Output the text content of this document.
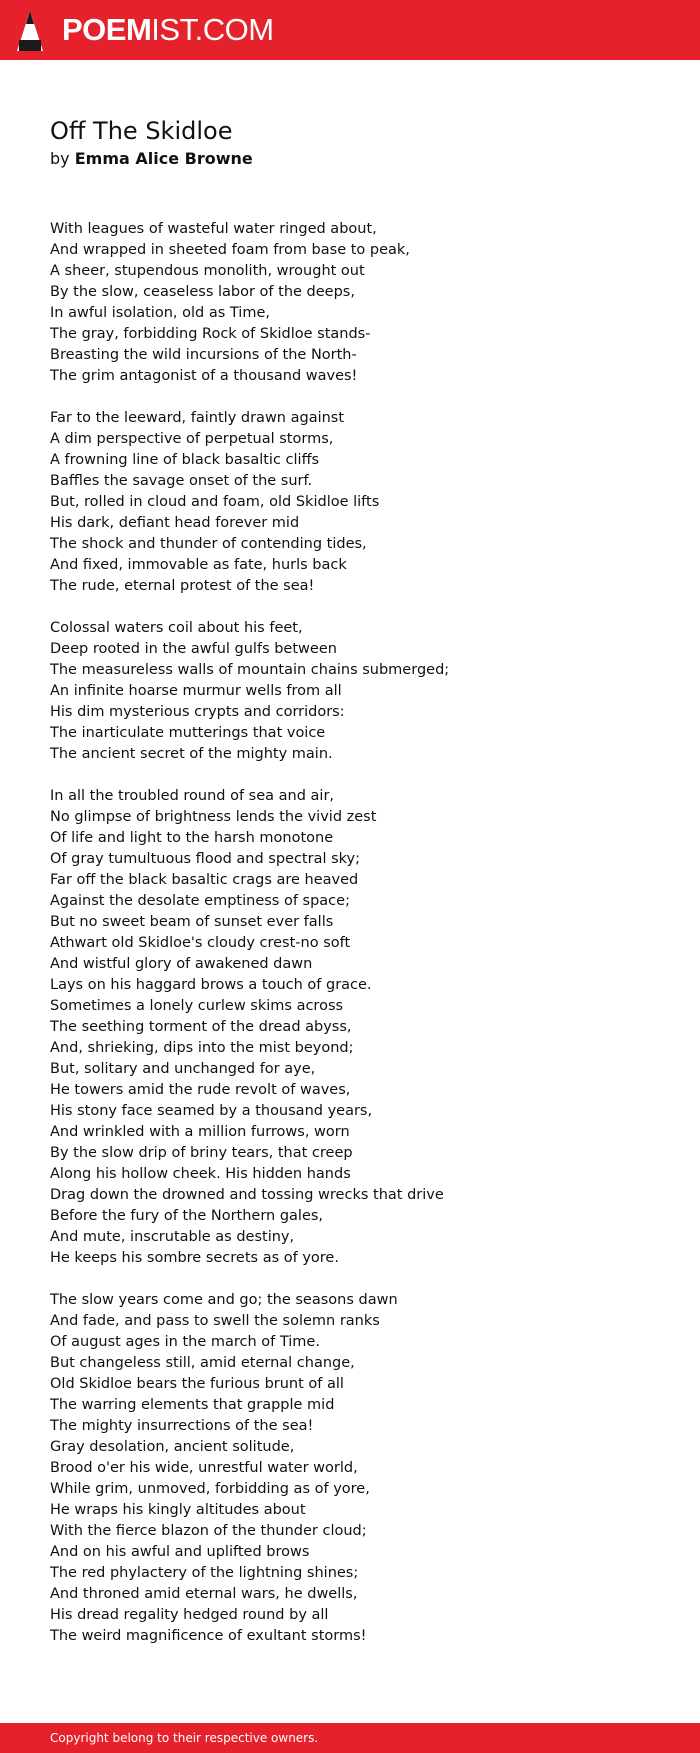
POEMIST.COM
Off The Skidloe
by Emma Alice Browne
With leagues of wasteful water ringed about,
And wrapped in sheeted foam from base to peak,
A sheer, stupendous monolith, wrought out
By the slow, ceaseless labor of the deeps,
In awful isolation, old as Time,
The gray, forbidding Rock of Skidloe stands-
Breasting the wild incursions of the North-
The grim antagonist of a thousand waves!
Far to the leeward, faintly drawn against
A dim perspective of perpetual storms,
A frowning line of black basaltic cliffs
Baffles the savage onset of the surf.
But, rolled in cloud and foam, old Skidloe lifts
His dark, defiant head forever mid
The shock and thunder of contending tides,
And fixed, immovable as fate, hurls back
The rude, eternal protest of the sea!
Colossal waters coil about his feet,
Deep rooted in the awful gulfs between
The measureless walls of mountain chains submerged;
An infinite hoarse murmur wells from all
His dim mysterious crypts and corridors:
The inarticulate mutterings that voice
The ancient secret of the mighty main.
In all the troubled round of sea and air,
No glimpse of brightness lends the vivid zest
Of life and light to the harsh monotone
Of gray tumultuous flood and spectral sky;
Far off the black basaltic crags are heaved
Against the desolate emptiness of space;
But no sweet beam of sunset ever falls
Athwart old Skidloe's cloudy crest-no soft
And wistful glory of awakened dawn
Lays on his haggard brows a touch of grace.
Sometimes a lonely curlew skims across
The seething torment of the dread abyss,
And, shrieking, dips into the mist beyond;
But, solitary and unchanged for aye,
He towers amid the rude revolt of waves,
His stony face seamed by a thousand years,
And wrinkled with a million furrows, worn
By the slow drip of briny tears, that creep
Along his hollow cheek. His hidden hands
Drag down the drowned and tossing wrecks that drive
Before the fury of the Northern gales,
And mute, inscrutable as destiny,
He keeps his sombre secrets as of yore.
The slow years come and go; the seasons dawn
And fade, and pass to swell the solemn ranks
Of august ages in the march of Time.
But changeless still, amid eternal change,
Old Skidloe bears the furious brunt of all
The warring elements that grapple mid
The mighty insurrections of the sea!
Gray desolation, ancient solitude,
Brood o'er his wide, unrestful water world,
While grim, unmoved, forbidding as of yore,
He wraps his kingly altitudes about
With the fierce blazon of the thunder cloud;
And on his awful and uplifted brows
The red phylactery of the lightning shines;
And throned amid eternal wars, he dwells,
His dread regality hedged round by all
The weird magnificence of exultant storms!
Copyright belong to their respective owners.
